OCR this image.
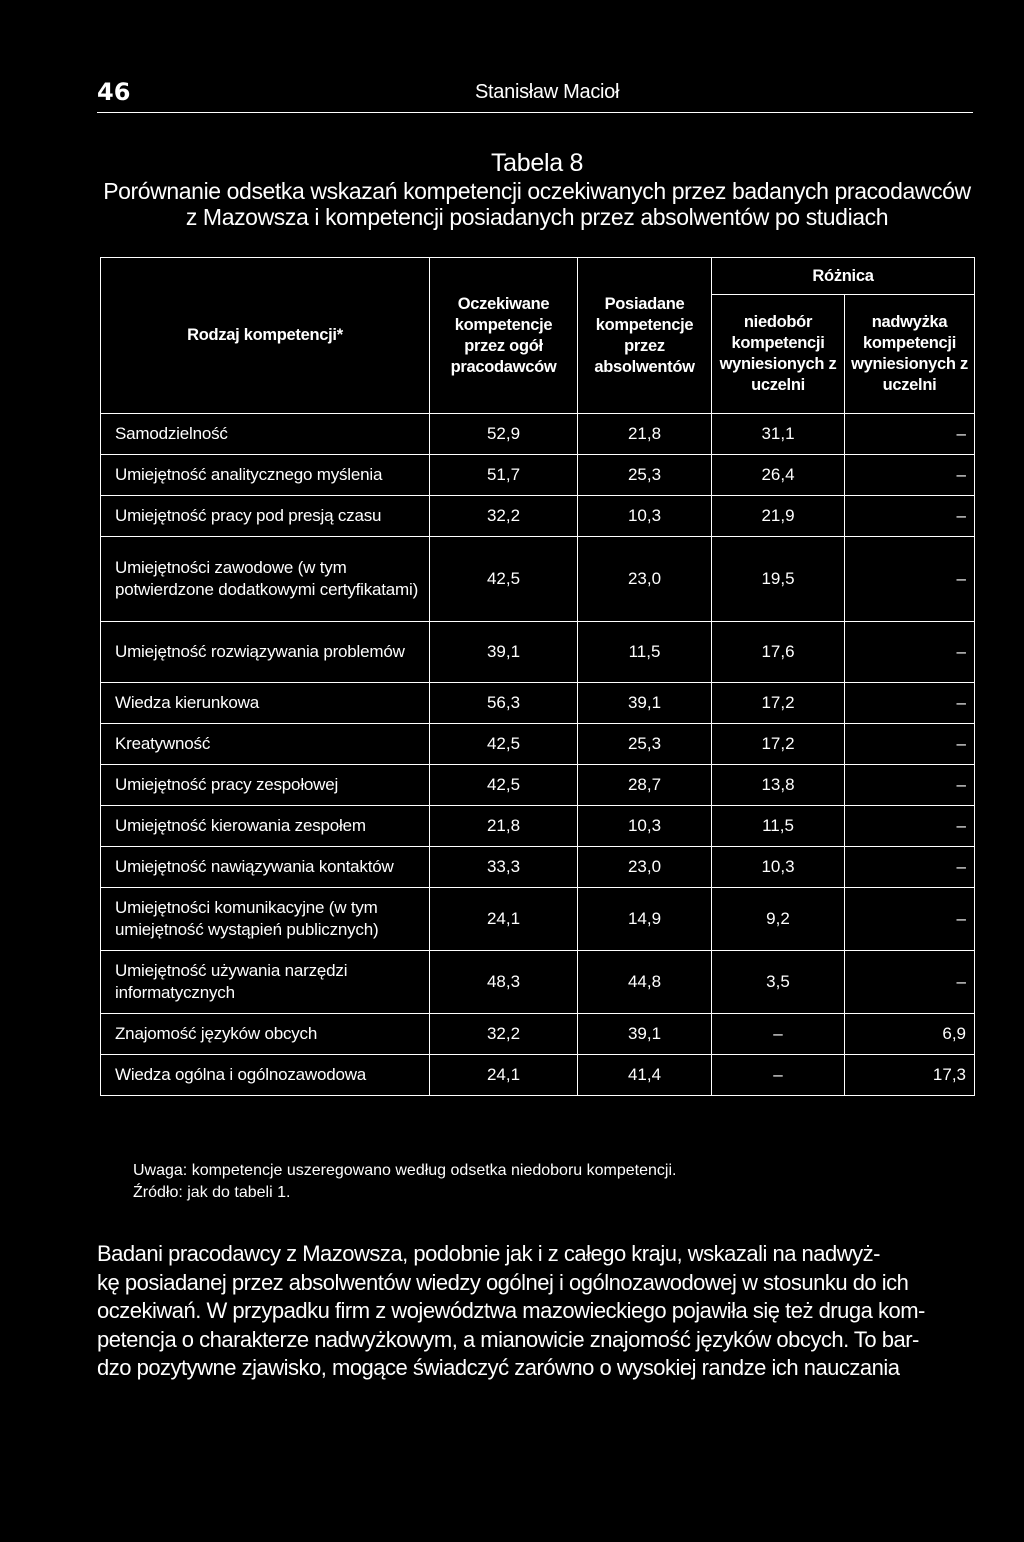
46	Stanisław Macioł
Tabela 8
Porównanie odsetka wskazań kompetencji oczekiwanych przez badanych pracodawców
z Mazowsza i kompetencji posiadanych przez absolwentów po studiach
Rodzaj kompetencji*	Oczekiwane kompetencje przez ogół pracodawców	Posiadane kompetencje przez absolwentów	Różnica	
			niedobór kompetencji wyniesionych z uczelni	nadwyżka kompetencji wyniesionych z uczelni
Samodzielność	52,9	21,8	31,1	–
Umiejętność analitycznego myślenia	51,7	25,3	26,4	–
Umiejętność pracy pod presją czasu	32,2	10,3	21,9	–
Umiejętności zawodowe (w tym potwierdzone dodatkowymi certyfikatami)	42,5	23,0	19,5	–
Umiejętność rozwiązywania problemów	39,1	11,5	17,6	–
Wiedza kierunkowa	56,3	39,1	17,2	–
Kreatywność	42,5	25,3	17,2	–
Umiejętność pracy zespołowej	42,5	28,7	13,8	–
Umiejętność kierowania zespołem	21,8	10,3	11,5	–
Umiejętność nawiązywania kontaktów	33,3	23,0	10,3	–
Umiejętności komunikacyjne (w tym umiejętność wystąpień publicznych)	24,1	14,9	9,2	–
Umiejętność używania narzędzi informatycznych	48,3	44,8	3,5	–
Znajomość języków obcych	32,2	39,1	–	6,9
Wiedza ogólna i ogólnozawodowa	24,1	41,4	–	17,3
Uwaga: kompetencje uszeregowano według odsetka niedoboru kompetencji.
Źródło: jak do tabeli 1.
Badani pracodawcy z Mazowsza, podobnie jak i z całego kraju, wskazali na nadwyż-
kę posiadanej przez absolwentów wiedzy ogólnej i ogólnozawodowej w stosunku do ich
oczekiwań. W przypadku firm z województwa mazowieckiego pojawiła się też druga kom-
petencja o charakterze nadwyżkowym, a mianowicie znajomość języków obcych. To bar-
dzo pozytywne zjawisko, mogące świadczyć zarówno o wysokiej randze ich nauczania
